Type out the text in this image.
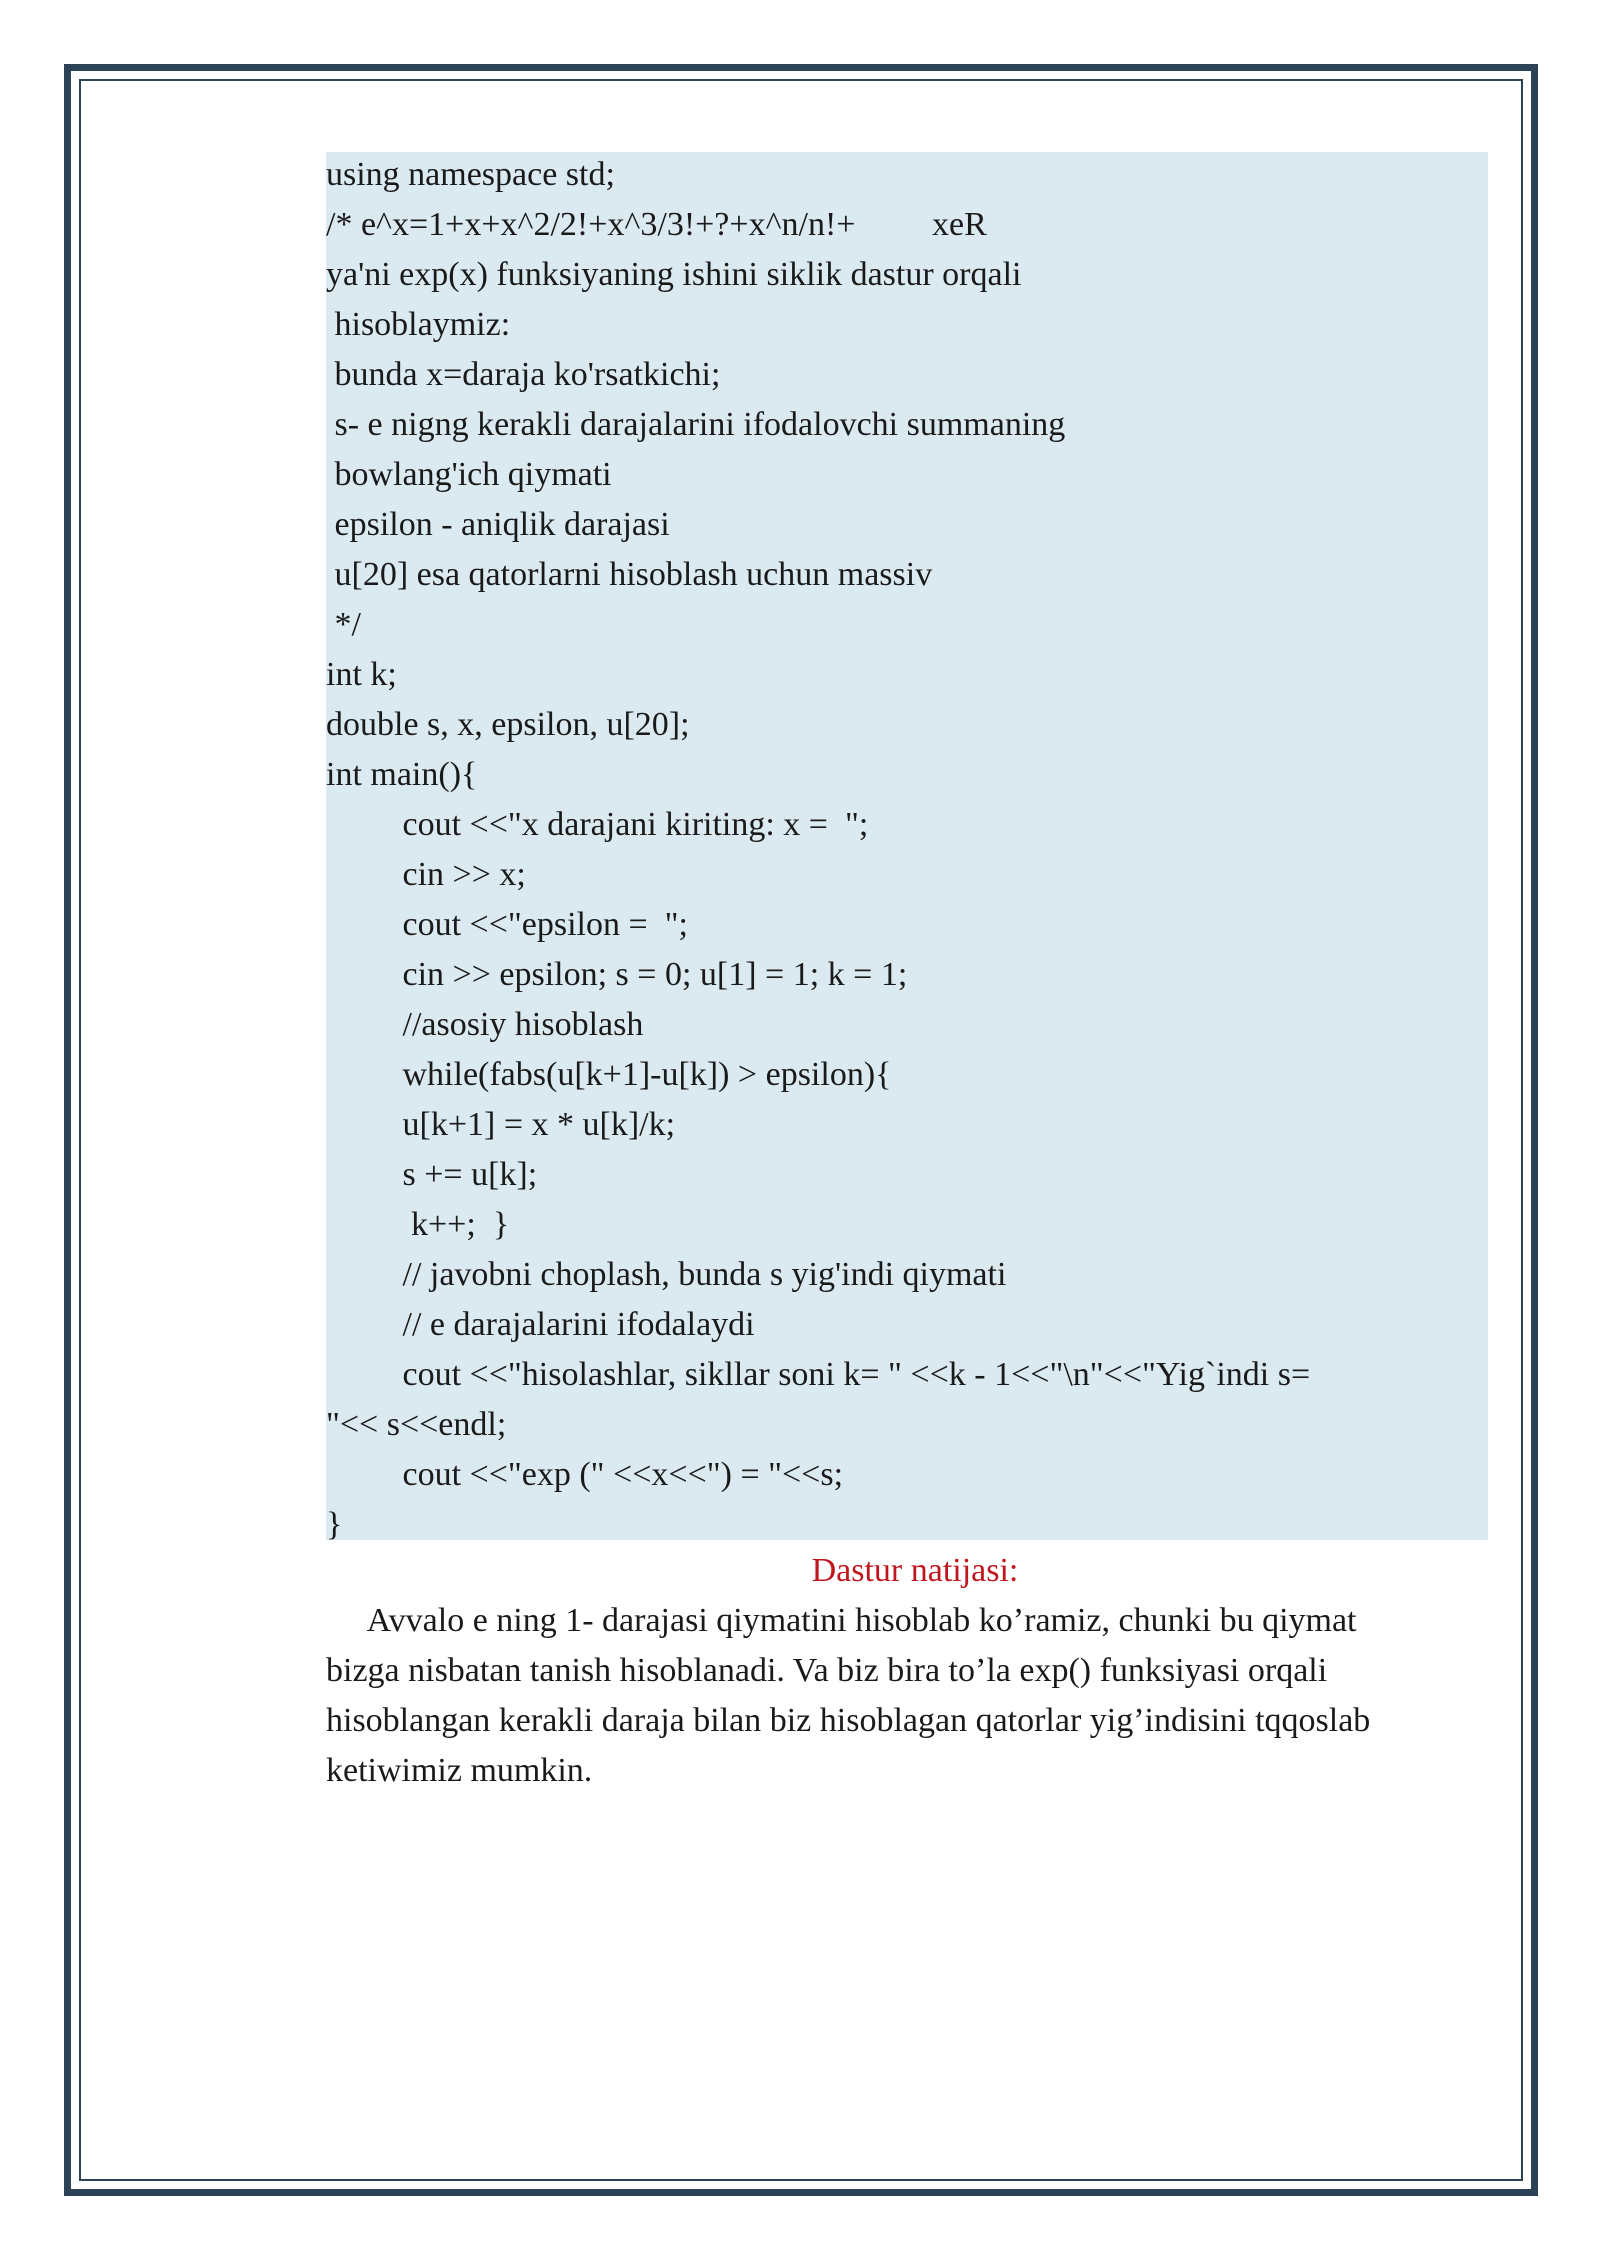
using namespace std;
/* e^x=1+x+x^2/2!+x^3/3!+?+x^n/n!+         xeR
ya'ni exp(x) funksiyaning ishini siklik dastur orqali
hisoblaymiz:
bunda x=daraja ko'rsatkichi;
s- e nigng kerakli darajalarini ifodalovchi summaning
bowlang'ich qiymati
epsilon - aniqlik darajasi
u[20] esa qatorlarni hisoblash uchun massiv
*/
int k;
double s, x, epsilon, u[20];
int main(){
cout <<"x darajani kiriting: x =  ";
cin >> x;
cout <<"epsilon =  ";
cin >> epsilon; s = 0; u[1] = 1; k = 1;
//asosiy hisoblash
while(fabs(u[k+1]-u[k]) > epsilon){
u[k+1] = x * u[k]/k;
s += u[k];
k++;  }
// javobni choplash, bunda s yig'indi qiymati
// e darajalarini ifodalaydi
cout <<"hisolashlar, sikllar soni k= " <<k - 1<<"\n"<<"Yig`indi s=
"<< s<<endl;
cout <<"exp (" <<x<<") = "<<s;
}
Dastur natijasi:
Avvalo e ning 1- darajasi qiymatini hisoblab ko’ramiz, chunki bu qiymat
bizga nisbatan tanish hisoblanadi. Va biz bira to’la exp() funksiyasi orqali
hisoblangan kerakli daraja bilan biz hisoblagan qatorlar yig’indisini tqqoslab
ketiwimiz mumkin.
